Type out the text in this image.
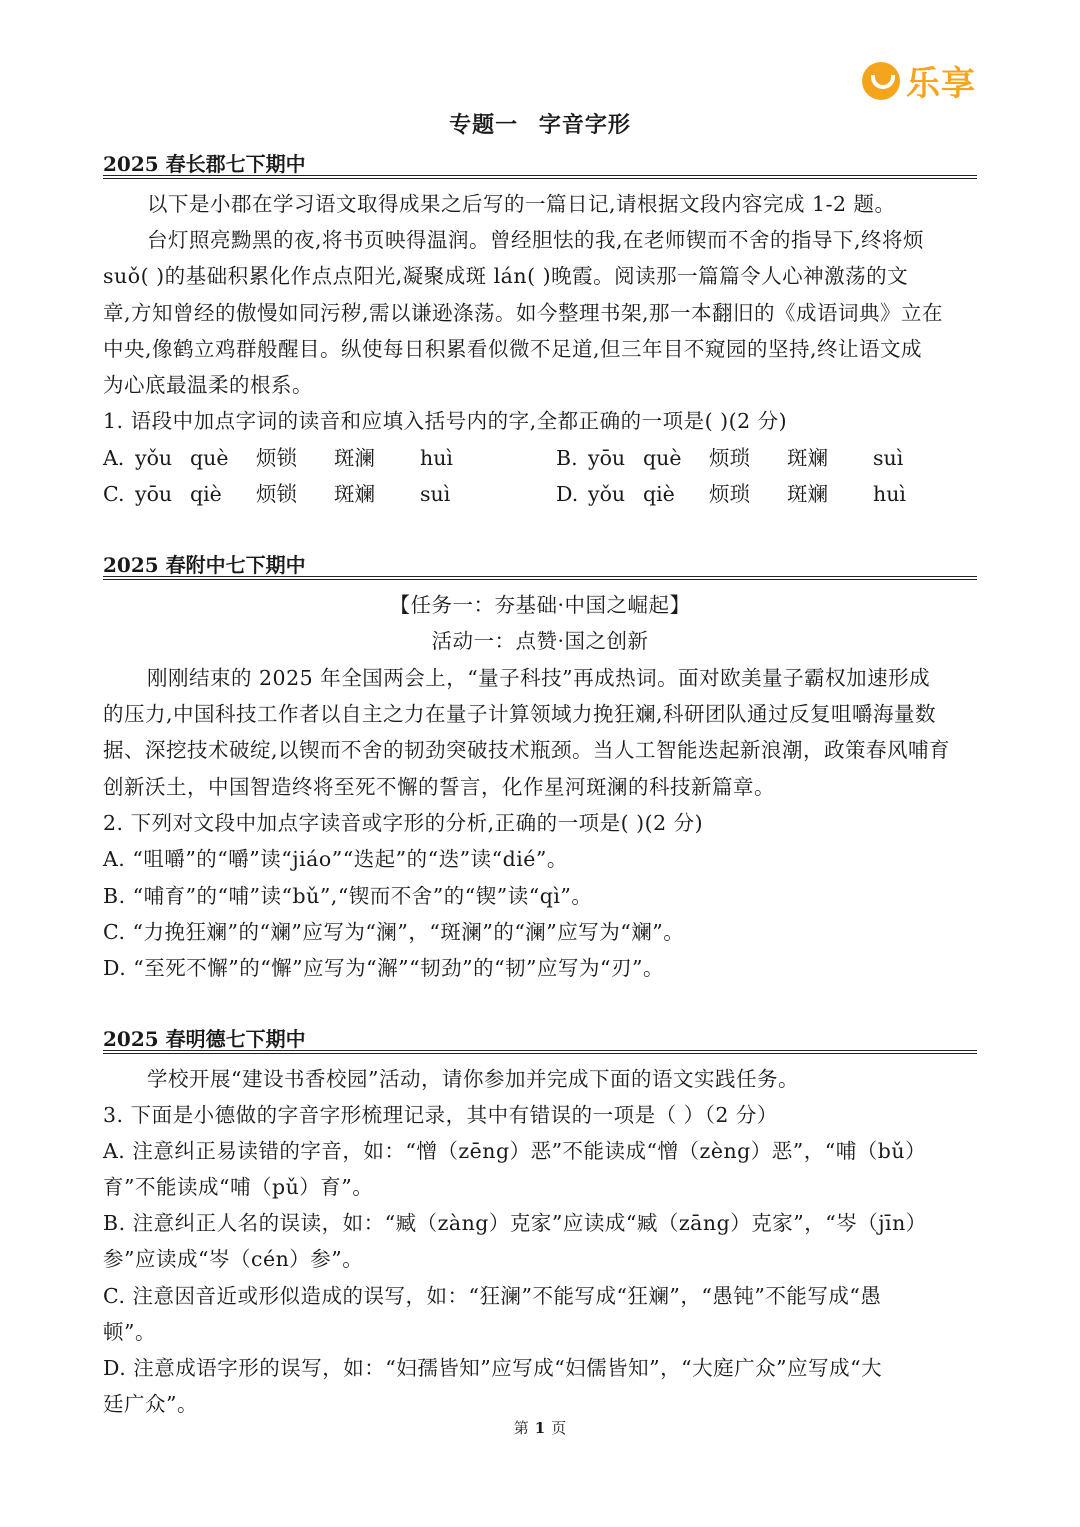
乐享
专题一 字音字形
2025 春长郡七下期中
以下是小郡在学习语文取得成果之后写的一篇日记,请根据文段内容完成 1-2 题。
台灯照亮黝黑的夜,将书页映得温润。曾经胆怯的我,在老师锲而不舍的指导下,终将烦
suǒ( )的基础积累化作点点阳光,凝聚成斑 lán( )晚霞。阅读那一篇篇令人心神激荡的文
章,方知曾经的傲慢如同污秽,需以谦逊涤荡。如今整理书架,那一本翻旧的《成语词典》立在
中央,像鹤立鸡群般醒目。纵使每日积累看似微不足道,但三年目不窥园的坚持,终让语文成
为心底最温柔的根系。
1. 语段中加点字词的读音和应填入括号内的字,全都正确的一项是( )(2 分)
A. yǒu què 烦锁 斑澜 huì	B. yōu què 烦琐 斑斓 suì
C. yōu qiè 烦锁 斑斓 suì	D. yǒu qiè 烦琐 斑斓 huì
2025 春附中七下期中
【任务一：夯基础·中国之崛起】
活动一：点赞·国之创新
刚刚结束的 2025 年全国两会上，“量子科技”再成热词。面对欧美量子霸权加速形成
的压力,中国科技工作者以自主之力在量子计算领域力挽狂斓,科研团队通过反复咀嚼海量数
据、深挖技术破绽,以锲而不舍的韧劲突破技术瓶颈。当人工智能迭起新浪潮，政策春风哺育
创新沃土，中国智造终将至死不懈的誓言，化作星河斑澜的科技新篇章。
2. 下列对文段中加点字读音或字形的分析,正确的一项是( )(2 分)
A. “咀嚼”的“嚼”读“jiáo”“迭起”的“迭”读“dié”。
B. “哺育”的“哺”读“bǔ”,“锲而不舍”的“锲”读“qì”。
C. “力挽狂斓”的“斓”应写为“澜”，“斑澜”的“澜”应写为“斓”。
D. “至死不懈”的“懈”应写为“澥”“韧劲”的“韧”应写为“刃”。
2025 春明德七下期中
学校开展“建设书香校园”活动，请你参加并完成下面的语文实践任务。
3. 下面是小德做的字音字形梳理记录，其中有错误的一项是（ ）（2 分）
A. 注意纠正易读错的字音，如：“憎（zēng）恶”不能读成“憎（zèng）恶”，“哺（bǔ）
育”不能读成“哺（pǔ）育”。
B. 注意纠正人名的误读，如：“臧（zàng）克家”应读成“臧（zāng）克家”，“岑（jīn）
参”应读成“岑（cén）参”。
C. 注意因音近或形似造成的误写，如：“狂澜”不能写成“狂斓”，“愚钝”不能写成“愚
顿”。
D. 注意成语字形的误写，如：“妇孺皆知”应写成“妇儒皆知”，“大庭广众”应写成“大
廷广众”。
第 1 页
